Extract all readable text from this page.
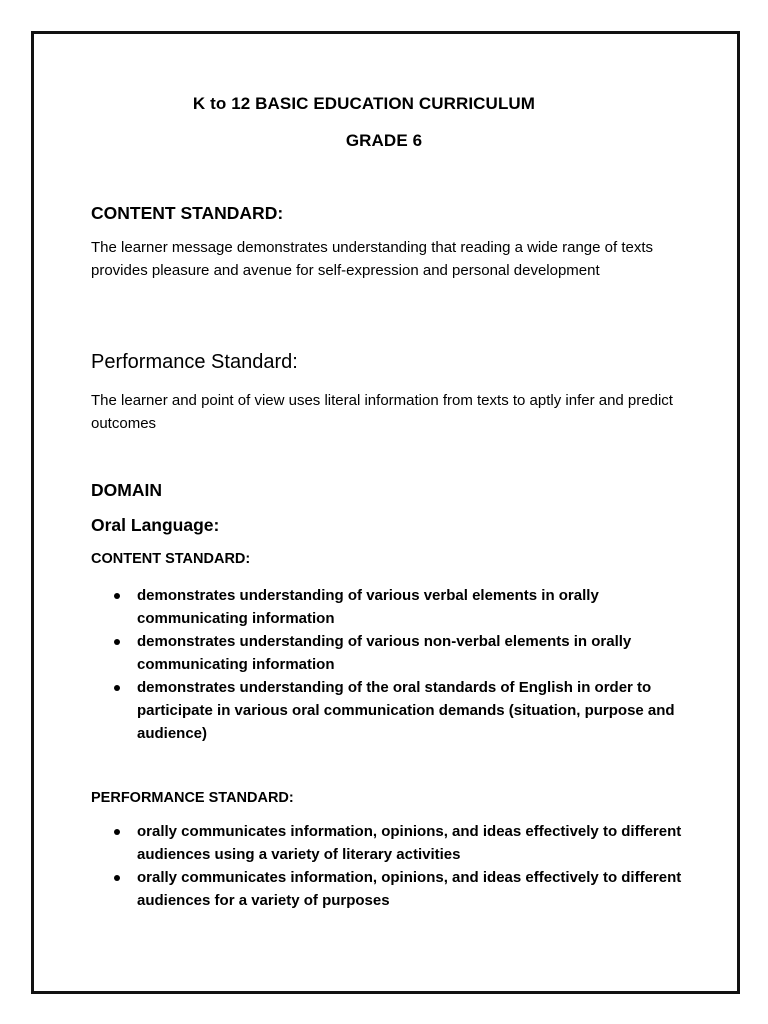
K to 12 BASIC EDUCATION CURRICULUM
GRADE 6
CONTENT STANDARD:
The learner message demonstrates understanding that reading a wide range of texts provides pleasure and avenue for self-expression and personal development
Performance Standard:
The learner and point of view uses literal information from texts to aptly infer and predict outcomes
DOMAIN
Oral Language:
CONTENT STANDARD:
demonstrates understanding of various verbal elements in orally communicating information
demonstrates understanding of various non-verbal elements in orally communicating information
demonstrates understanding of the oral standards of English in order to participate in various oral communication demands (situation, purpose and audience)
PERFORMANCE STANDARD:
orally communicates information, opinions, and ideas effectively to different audiences using a variety of literary activities
orally communicates information, opinions, and ideas effectively to different audiences for a variety of purposes
